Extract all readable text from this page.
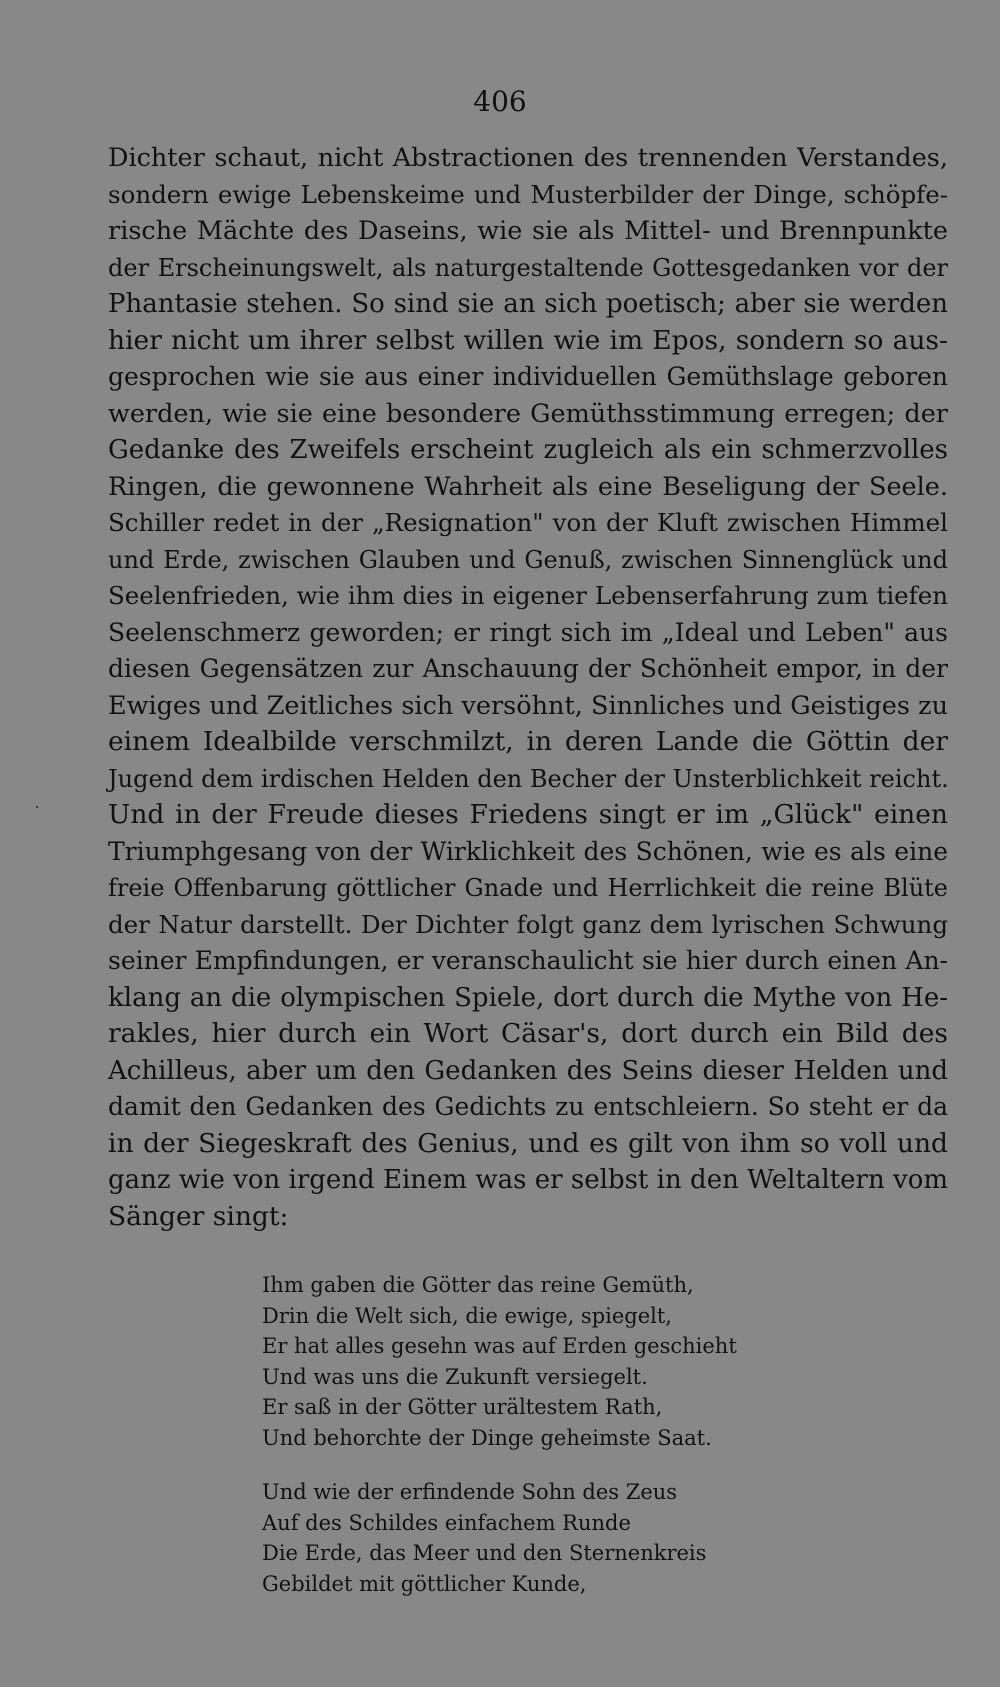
406
Dichter schaut, nicht Abstractionen des trennenden Verstandes,
sondern ewige Lebenskeime und Musterbilder der Dinge, schöpfe-
rische Mächte des Daseins, wie sie als Mittel- und Brennpunkte
der Erscheinungswelt, als naturgestaltende Gottesgedanken vor der
Phantasie stehen. So sind sie an sich poetisch; aber sie werden
hier nicht um ihrer selbst willen wie im Epos, sondern so aus-
gesprochen wie sie aus einer individuellen Gemüthslage geboren
werden, wie sie eine besondere Gemüthsstimmung erregen; der
Gedanke des Zweifels erscheint zugleich als ein schmerzvolles
Ringen, die gewonnene Wahrheit als eine Beseligung der Seele.
Schiller redet in der „Resignation" von der Kluft zwischen Himmel
und Erde, zwischen Glauben und Genuß, zwischen Sinnenglück und
Seelenfrieden, wie ihm dies in eigener Lebenserfahrung zum tiefen
Seelenschmerz geworden; er ringt sich im „Ideal und Leben" aus
diesen Gegensätzen zur Anschauung der Schönheit empor, in der
Ewiges und Zeitliches sich versöhnt, Sinnliches und Geistiges zu
einem Idealbilde verschmilzt, in deren Lande die Göttin der
Jugend dem irdischen Helden den Becher der Unsterblichkeit reicht.
Und in der Freude dieses Friedens singt er im „Glück" einen
Triumphgesang von der Wirklichkeit des Schönen, wie es als eine
freie Offenbarung göttlicher Gnade und Herrlichkeit die reine Blüte
der Natur darstellt. Der Dichter folgt ganz dem lyrischen Schwung
seiner Empfindungen, er veranschaulicht sie hier durch einen An-
klang an die olympischen Spiele, dort durch die Mythe von He-
rakles, hier durch ein Wort Cäsar's, dort durch ein Bild des
Achilleus, aber um den Gedanken des Seins dieser Helden und
damit den Gedanken des Gedichts zu entschleiern. So steht er da
in der Siegeskraft des Genius, und es gilt von ihm so voll und
ganz wie von irgend Einem was er selbst in den Weltaltern vom
Sänger singt:
Ihm gaben die Götter das reine Gemüth,
Drin die Welt sich, die ewige, spiegelt,
Er hat alles gesehn was auf Erden geschieht
Und was uns die Zukunft versiegelt.
Er saß in der Götter urältestem Rath,
Und behorchte der Dinge geheimste Saat.
Und wie der erfindende Sohn des Zeus
Auf des Schildes einfachem Runde
Die Erde, das Meer und den Sternenkreis
Gebildet mit göttlicher Kunde,
